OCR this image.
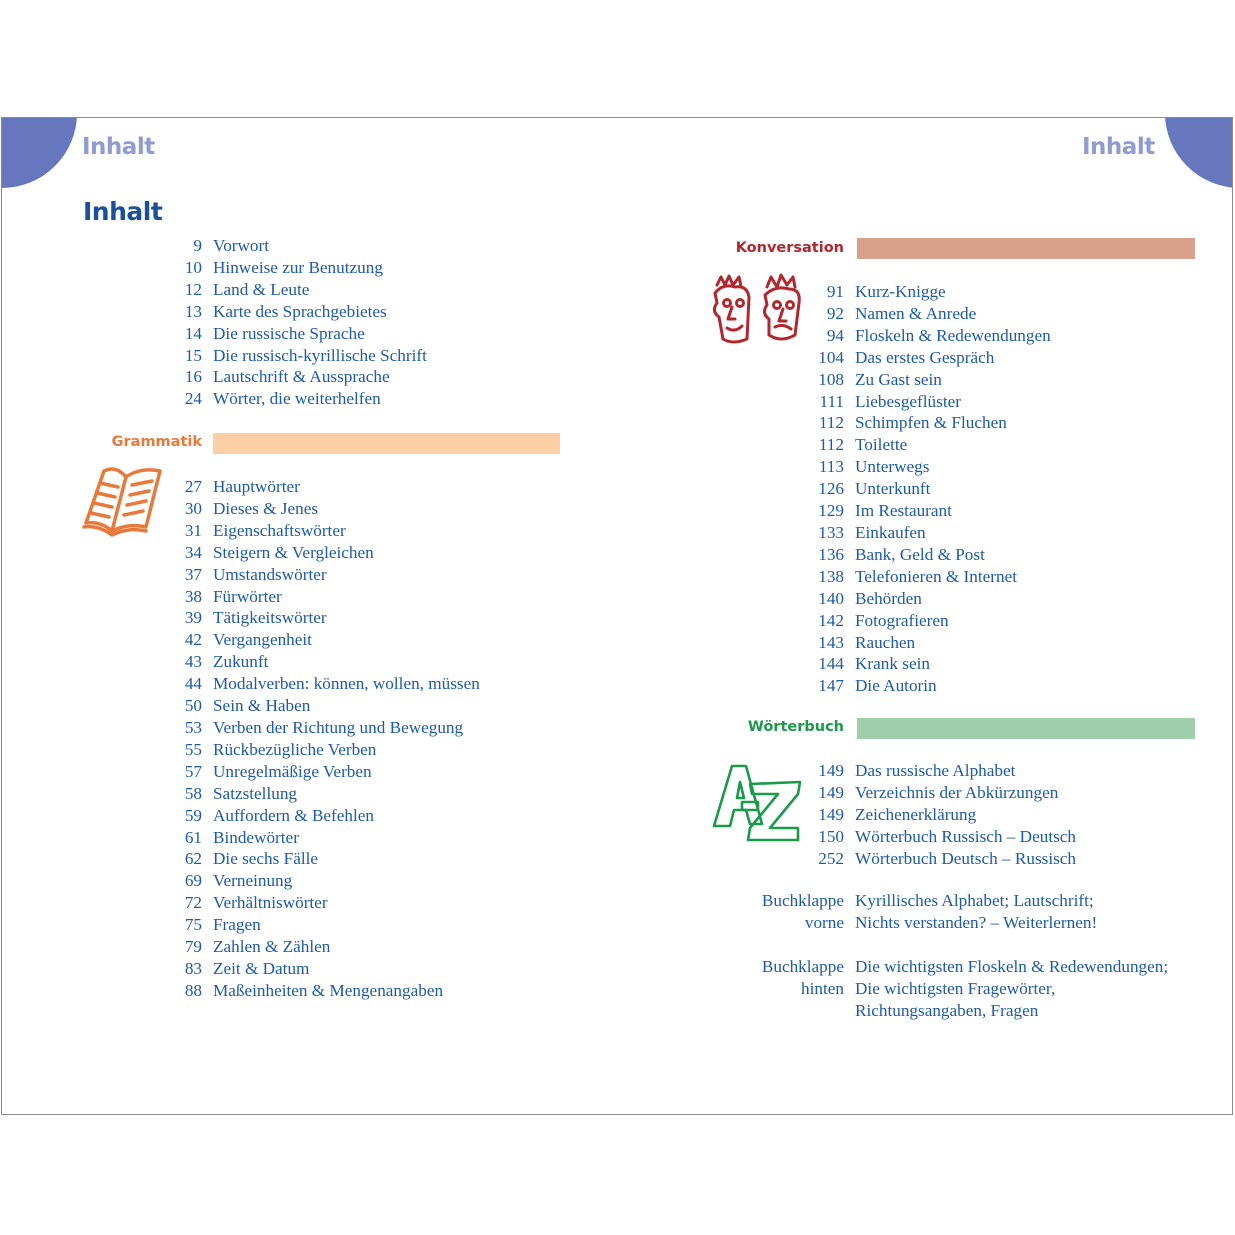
Inhalt	Inhalt
Inhalt
9 Vorwort
10 Hinweise zur Benutzung
12 Land & Leute
13 Karte des Sprachgebietes
14 Die russische Sprache
15 Die russisch-kyrillische Schrift
16 Lautschrift & Aussprache
24 Wörter, die weiterhelfen
Grammatik
27 Hauptwörter
30 Dieses & Jenes
31 Eigenschaftswörter
34 Steigern & Vergleichen
37 Umstandswörter
38 Fürwörter
39 Tätigkeitswörter
42 Vergangenheit
43 Zukunft
44 Modalverben: können, wollen, müssen
50 Sein & Haben
53 Verben der Richtung und Bewegung
55 Rückbezügliche Verben
57 Unregelmäßige Verben
58 Satzstellung
59 Auffordern & Befehlen
61 Bindewörter
62 Die sechs Fälle
69 Verneinung
72 Verhältniswörter
75 Fragen
79 Zahlen & Zählen
83 Zeit & Datum
88 Maßeinheiten & Mengenangaben
Konversation
91 Kurz-Knigge
92 Namen & Anrede
94 Floskeln & Redewendungen
104 Das erstes Gespräch
108 Zu Gast sein
111 Liebesgeflüster
112 Schimpfen & Fluchen
112 Toilette
113 Unterwegs
126 Unterkunft
129 Im Restaurant
133 Einkaufen
136 Bank, Geld & Post
138 Telefonieren & Internet
140 Behörden
142 Fotografieren
143 Rauchen
144 Krank sein
147 Die Autorin
Wörterbuch
149 Das russische Alphabet
149 Verzeichnis der Abkürzungen
149 Zeichenerklärung
150 Wörterbuch Russisch – Deutsch
252 Wörterbuch Deutsch – Russisch
Buchklappe
vorne
Kyrillisches Alphabet; Lautschrift;
Nichts verstanden? – Weiterlernen!
Buchklappe
hinten
Die wichtigsten Floskeln & Redewendungen;
Die wichtigsten Fragewörter,
Richtungsangaben, Fragen
